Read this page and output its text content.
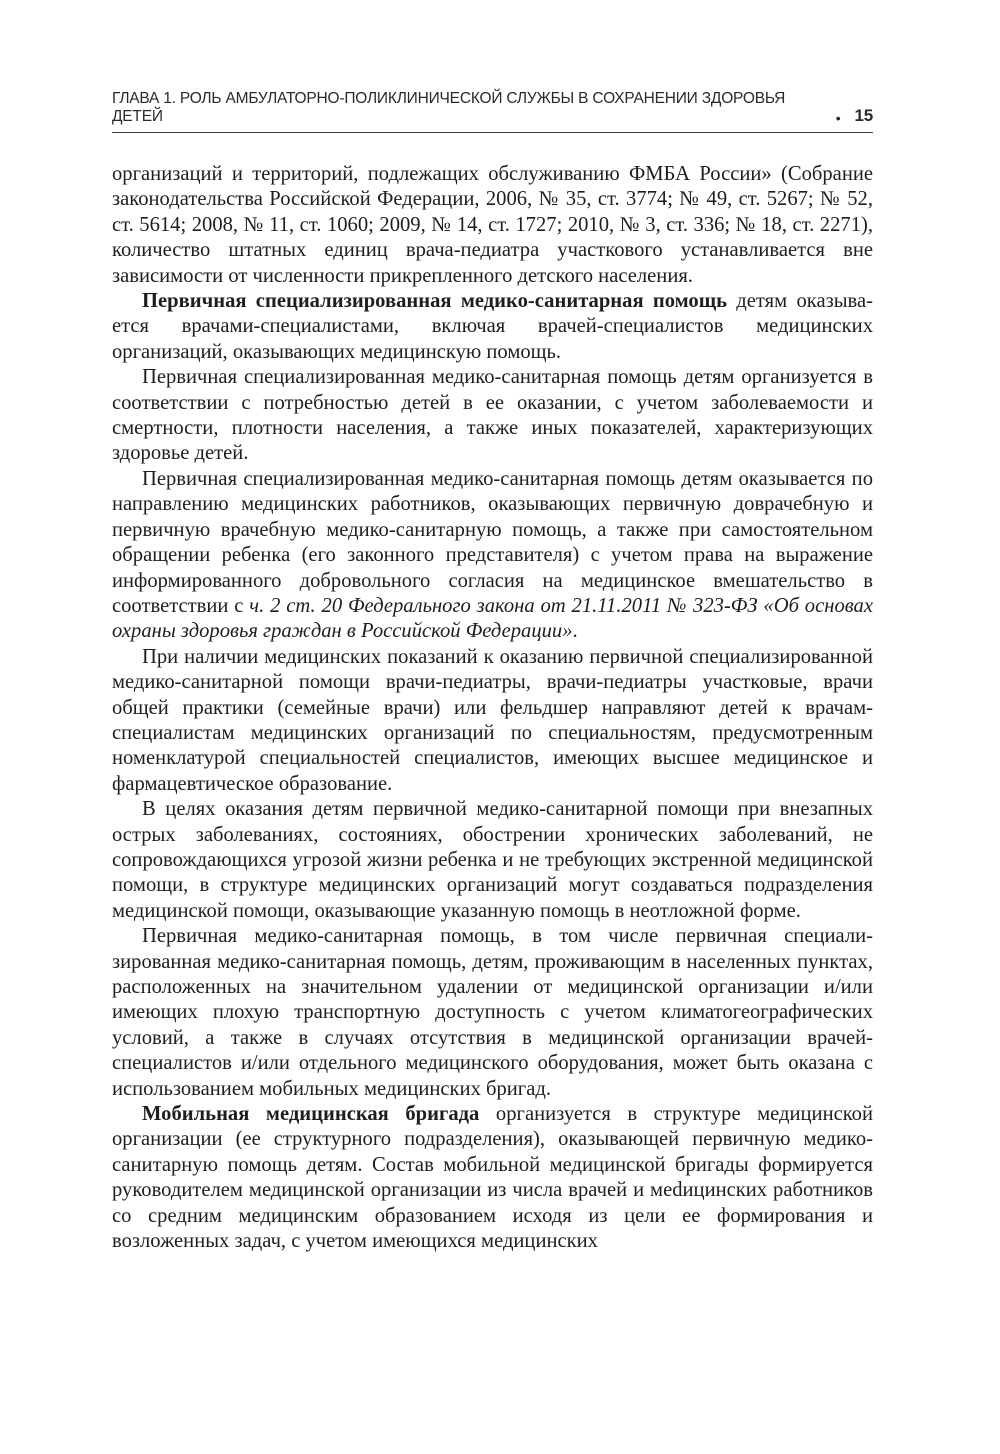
ГЛАВА 1. РОЛЬ АМБУЛАТОРНО-ПОЛИКЛИНИЧЕСКОЙ СЛУЖБЫ В СОХРАНЕНИИ ЗДОРОВЬЯ ДЕТЕЙ	• 15

организаций и территорий, подлежащих обслуживанию ФМБА России» (Собрание законодательства Российской Федерации, 2006, № 35, ст. 3774; № 49, ст. 5267; № 52, ст. 5614; 2008, № 11, ст. 1060; 2009, № 14, ст. 1727; 2010, № 3, ст. 336; № 18, ст. 2271), количество штатных единиц врача-педиатра участкового устанавливается вне зависимости от численности прикрепленного детского населения.

Первичная специализированная медико-санитарная помощь детям оказывается врачами-специалистами, включая врачей-специалистов медицинских организаций, оказывающих медицинскую помощь.

Первичная специализированная медико-санитарная помощь детям организуется в соответствии с потребностью детей в ее оказании, с учетом заболеваемости и смертности, плотности населения, а также иных показателей, характеризующих здоровье детей.

Первичная специализированная медико-санитарная помощь детям оказывается по направлению медицинских работников, оказывающих первичную доврачебную и первичную врачебную медико-санитарную помощь, а также при самостоятельном обращении ребенка (его законного представителя) с учетом права на выражение информированного добровольного согласия на медицинское вмешательство в соответствии с ч. 2 ст. 20 Федерального закона от 21.11.2011 № 323-ФЗ «Об основах охраны здоровья граждан в Российской Федерации».

При наличии медицинских показаний к оказанию первичной специализированной медико-санитарной помощи врачи-педиатры, врачи-педиатры участковые, врачи общей практики (семейные врачи) или фельдшер направляют детей к врачам-специалистам медицинских организаций по специальностям, предусмотренным номенклатурой специальностей специалистов, имеющих высшее медицинское и фармацевтическое образование.

В целях оказания детям первичной медико-санитарной помощи при внезапных острых заболеваниях, состояниях, обострении хронических заболеваний, не сопровождающихся угрозой жизни ребенка и не требующих экстренной медицинской помощи, в структуре медицинских организаций могут создаваться подразделения медицинской помощи, оказывающие указанную помощь в неотложной форме.

Первичная медико-санитарная помощь, в том числе первичная специализированная медико-санитарная помощь, детям, проживающим в населенных пунктах, расположенных на значительном удалении от медицинской организации и/или имеющих плохую транспортную доступность с учетом климатогеографических условий, а также в случаях отсутствия в медицинской организации врачей-специалистов и/или отдельного медицинского оборудования, может быть оказана с использованием мобильных медицинских бригад.

Мобильная медицинская бригада организуется в структуре медицинской организации (ее структурного подразделения), оказывающей первичную медико-санитарную помощь детям. Состав мобильной медицинской бригады формируется руководителем медицинской организации из числа врачей и меdицинских работников со средним медицинским образованием исходя из цели ее формирования и возложенных задач, с учетом имеющихся медицинских
